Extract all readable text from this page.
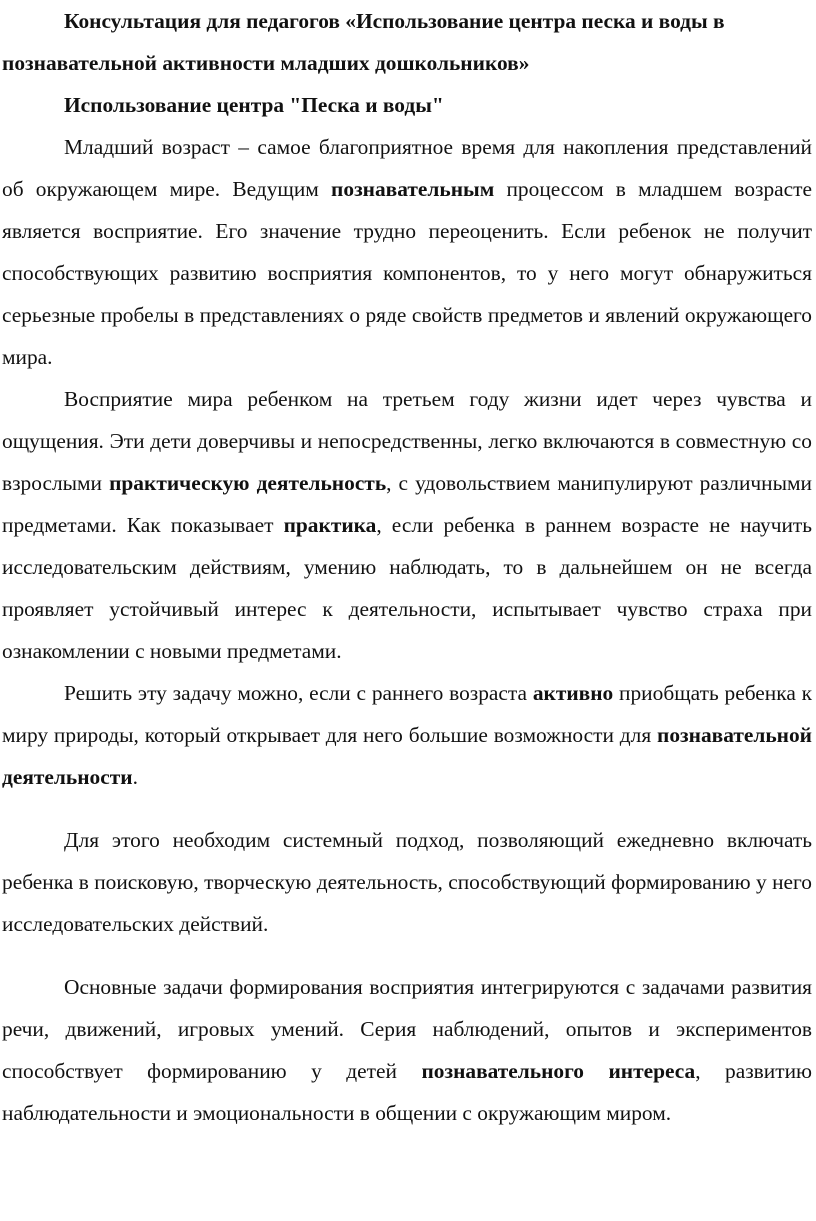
Консультация для педагогов «Использование центра песка и воды в
познавательной активности младших дошкольников»
Использование центра "Песка и воды"

Младший возраст – самое благоприятное время для накопления представлений об окружающем мире. Ведущим познавательным процессом в младшем возрасте является восприятие. Его значение трудно переоценить. Если ребенок не получит способствующих развитию восприятия компонентов, то у него могут обнаружиться серьезные пробелы в представлениях о ряде свойств предметов и явлений окружающего мира.

Восприятие мира ребенком на третьем году жизни идет через чувства и ощущения. Эти дети доверчивы и непосредственны, легко включаются в совместную со взрослыми практическую деятельность, с удовольствием манипулируют различными предметами. Как показывает практика, если ребенка в раннем возрасте не научить исследовательским действиям, умению наблюдать, то в дальнейшем он не всегда проявляет устойчивый интерес к деятельности, испытывает чувство страха при ознакомлении с новыми предметами.

Решить эту задачу можно, если с раннего возраста активно приобщать ребенка к миру природы, который открывает для него большие возможности для познавательной деятельности.

Для этого необходим системный подход, позволяющий ежедневно включать ребенка в поисковую, творческую деятельность, способствующий формированию у него исследовательских действий.

Основные задачи формирования восприятия интегрируются с задачами развития речи, движений, игровых умений. Серия наблюдений, опытов и экспериментов способствует формированию у детей познавательного интереса, развитию наблюдательности и эмоциональности в общении с окружающим миром.
